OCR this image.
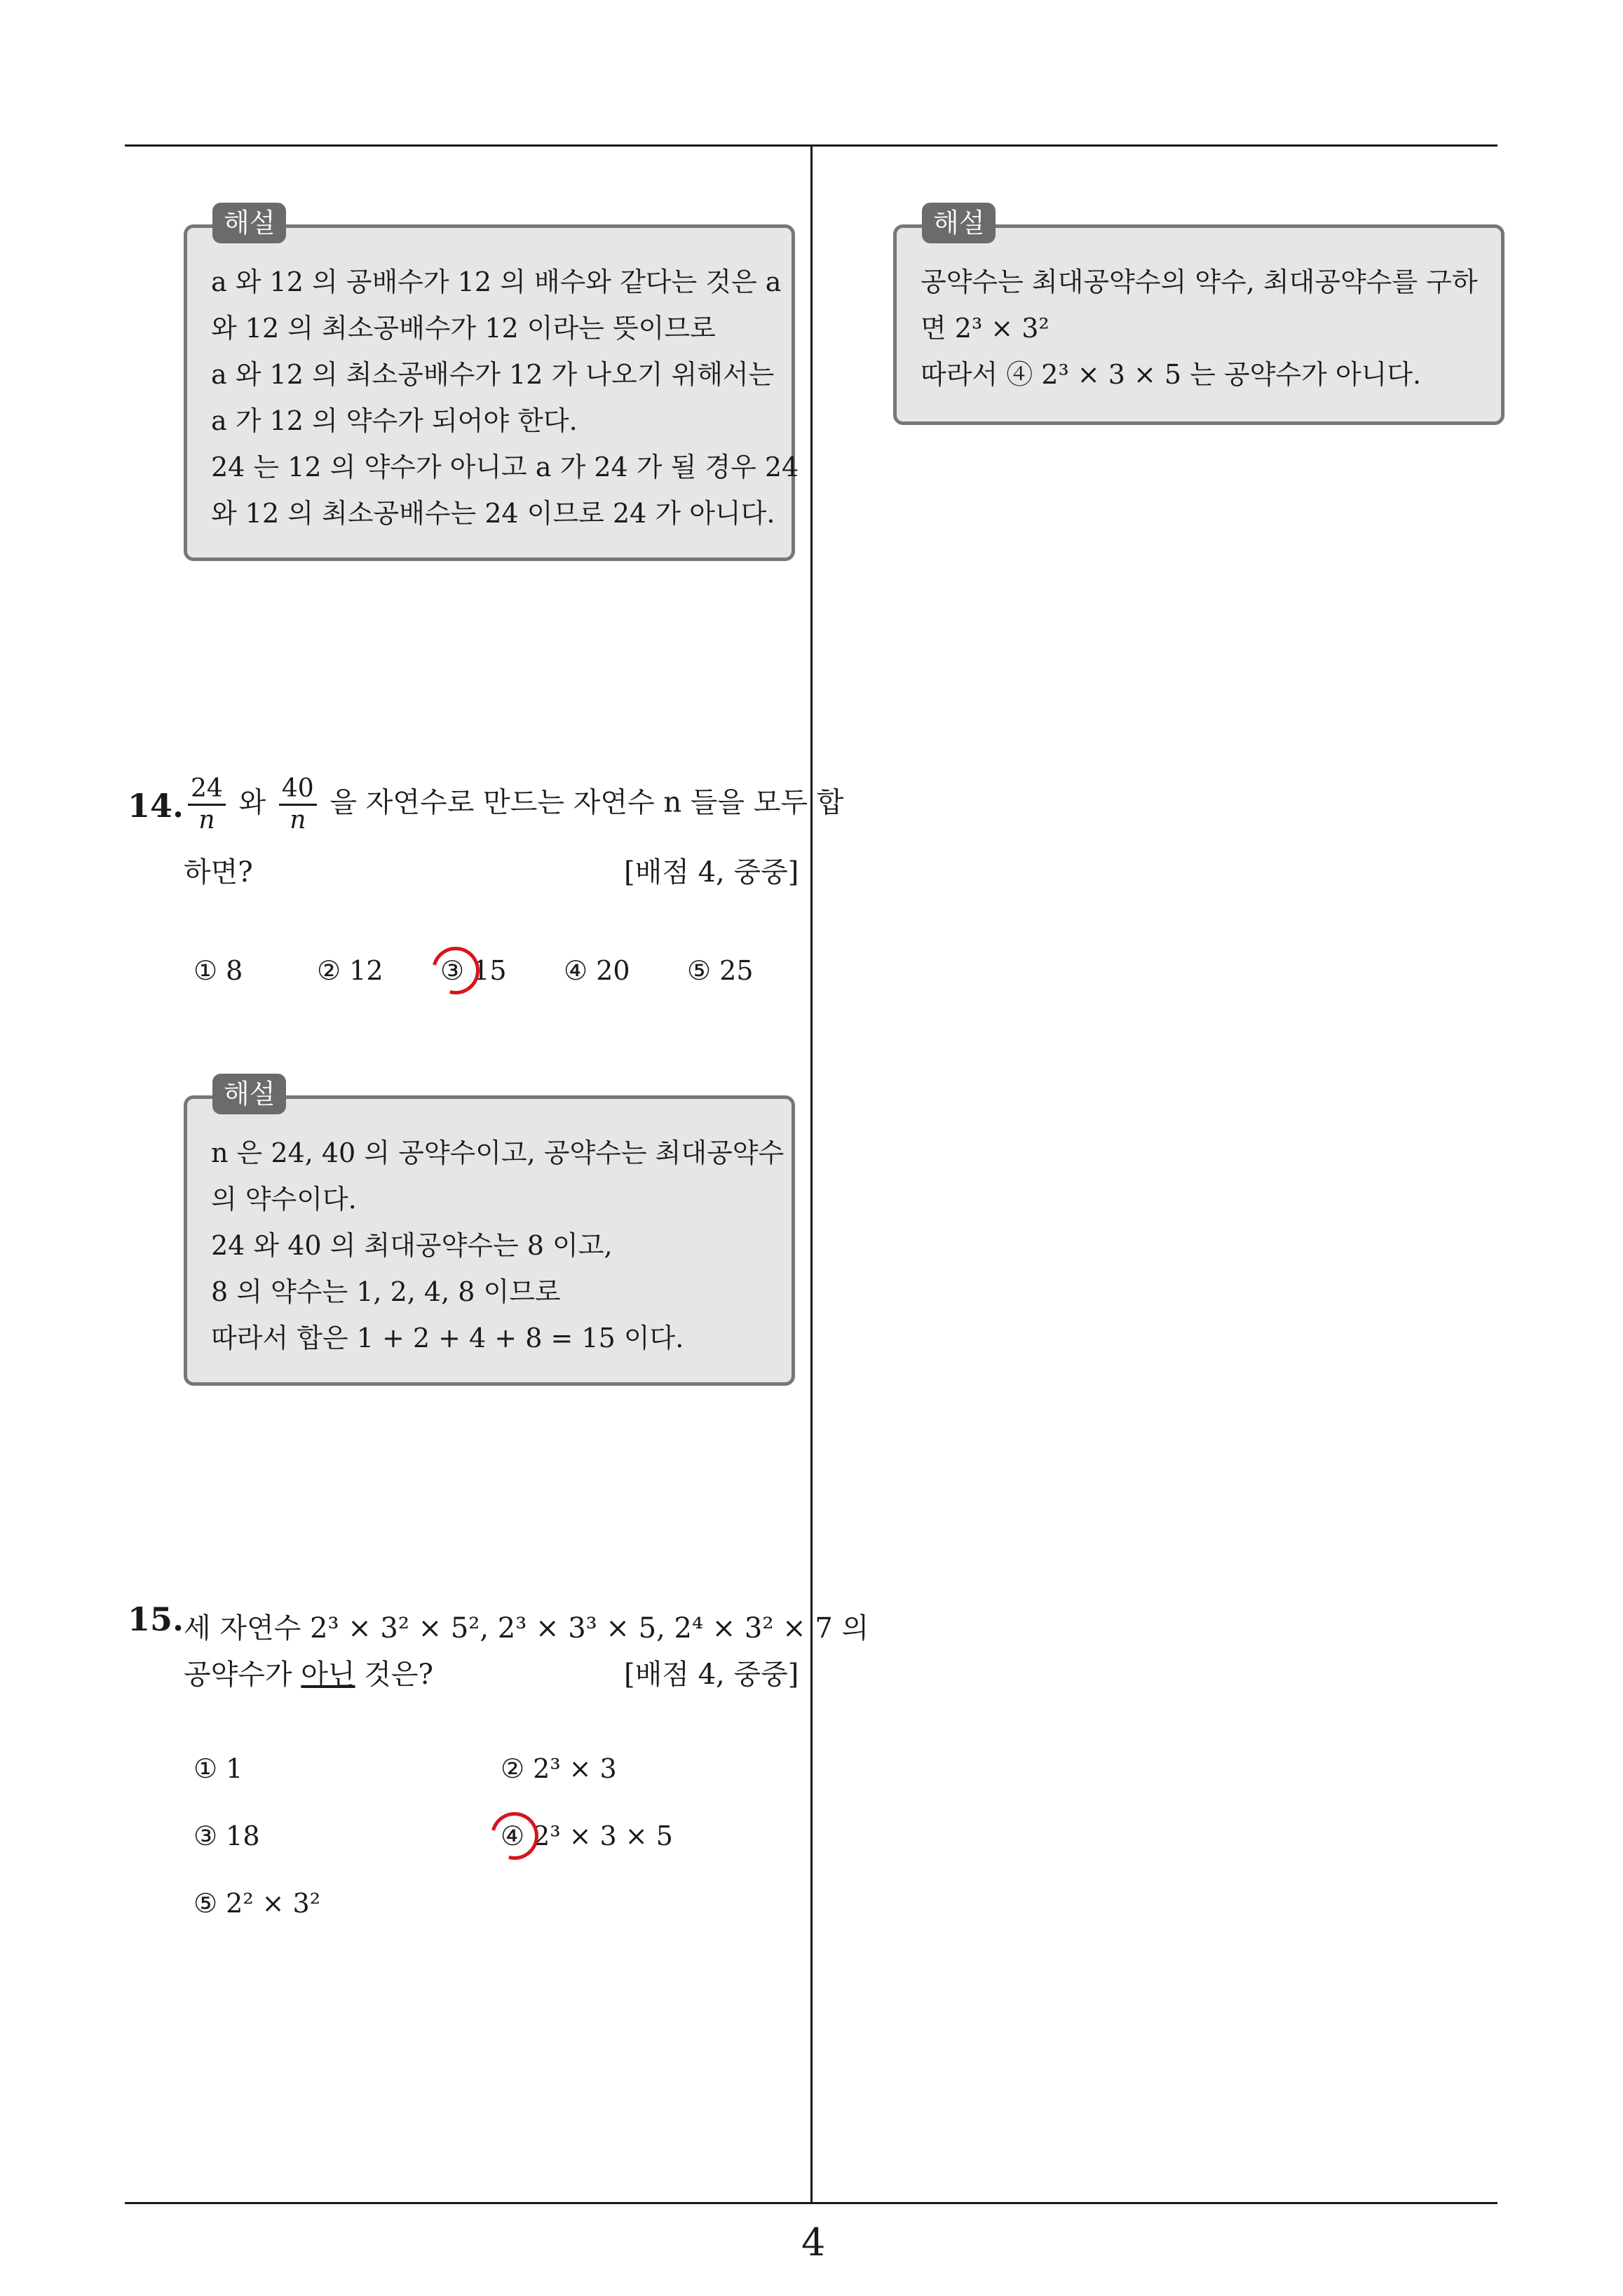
해설
a 와 12 의 공배수가 12 의 배수와 같다는 것은 a
와 12 의 최소공배수가 12 이라는 뜻이므로
a 와 12 의 최소공배수가 12 가 나오기 위해서는
a 가 12 의 약수가 되어야 한다.
24 는 12 의 약수가 아니고 a 가 24 가 될 경우 24
와 12 의 최소공배수는 24 이므로 24 가 아니다.
14. $\frac{24}{n}$ 와 $\frac{40}{n}$ 을 자연수로 만드는 자연수 n 들을 모두 합
하면?	[배점 4, 중중]
① 8	② 12 ③ 15 ④ 20 ⑤ 25
해설
n 은 24, 40 의 공약수이고, 공약수는 최대공약수
의 약수이다.
24 와 40 의 최대공약수는 8 이고,
8 의 약수는 1, 2, 4, 8 이므로
따라서 합은 1 + 2 + 4 + 8 = 15 이다.
15. 세 자연수 2³ × 3² × 5², 2³ × 3³ × 5, 2⁴ × 3² × 7 의
공약수가 아닌 것은?	[배점 4, 중중]
① 1	② 2³ × 3
③ 18	④ 2³ × 3 × 5
⑤ 2² × 3²
해설
공약수는 최대공약수의 약수, 최대공약수를 구하
면 2³ × 3²
따라서 ④ 2³ × 3 × 5 는 공약수가 아니다.
4
